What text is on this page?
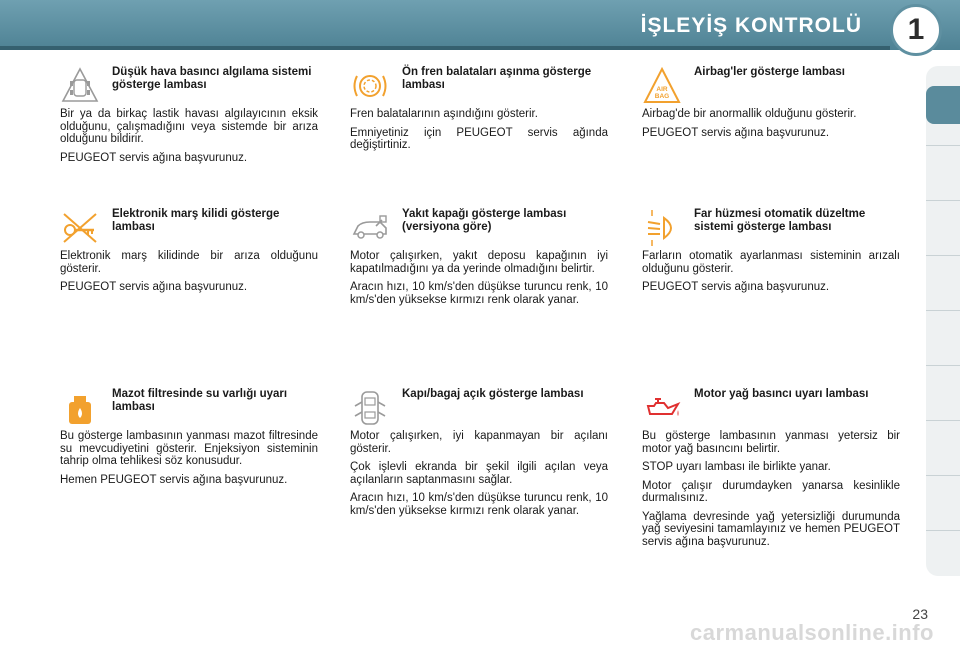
İŞLEYİŞ KONTROLÜ	1
Düşük hava basıncı algılama sistemi gösterge lambası

Bir ya da birkaç lastik havası algılayıcının eksik olduğunu, çalışmadığını veya sistemde bir arıza olduğunu bildirir.

PEUGEOT servis ağına başvurunuz.

Ön fren balataları aşınma gösterge lambası

Fren balatalarının aşındığını gösterir.

Emniyetiniz için PEUGEOT servis ağında değiştirtiniz.

AIR
BAG
Airbag'ler gösterge lambası

Airbag'de bir anormallik olduğunu gösterir.

PEUGEOT servis ağına başvurunuz.

Elektronik marş kilidi gösterge lambası

Elektronik marş kilidinde bir arıza olduğunu gösterir.

PEUGEOT servis ağına başvurunuz.

Yakıt kapağı gösterge lambası (versiyona göre)

Motor çalışırken, yakıt deposu kapağının iyi kapatılmadığını ya da yerinde olmadığını belirtir.

Aracın hızı, 10 km/s'den düşükse turuncu renk, 10 km/s'den yüksekse kırmızı renk olarak yanar.

Far hüzmesi otomatik düzeltme sistemi gösterge lambası

Farların otomatik ayarlanması sisteminin arızalı olduğunu gösterir.

PEUGEOT servis ağına başvurunuz.

Mazot filtresinde su varlığı uyarı lambası

Bu gösterge lambasının yanması mazot filtresinde su mevcudiyetini gösterir. Enjeksiyon sisteminin tahrip olma tehlikesi söz konusudur.

Hemen PEUGEOT servis ağına başvurunuz.

Kapı/bagaj açık gösterge lambası

Motor çalışırken, iyi kapanmayan bir açılanı gösterir.

Çok işlevli ekranda bir şekil ilgili açılan veya açılanların saptanmasını sağlar.

Aracın hızı, 10 km/s'den düşükse turuncu renk, 10 km/s'den yüksekse kırmızı renk olarak yanar.

Motor yağ basıncı uyarı lambası

Bu gösterge lambasının yanması yetersiz bir motor yağ basıncını belirtir.

STOP uyarı lambası ile birlikte yanar.

Motor çalışır durumdayken yanarsa kesinlikle durmalısınız.

Yağlama devresinde yağ yetersizliği durumunda yağ seviyesini tamamlayınız ve hemen PEUGEOT servis ağına başvurunuz.

23
carmanualsonline.info
